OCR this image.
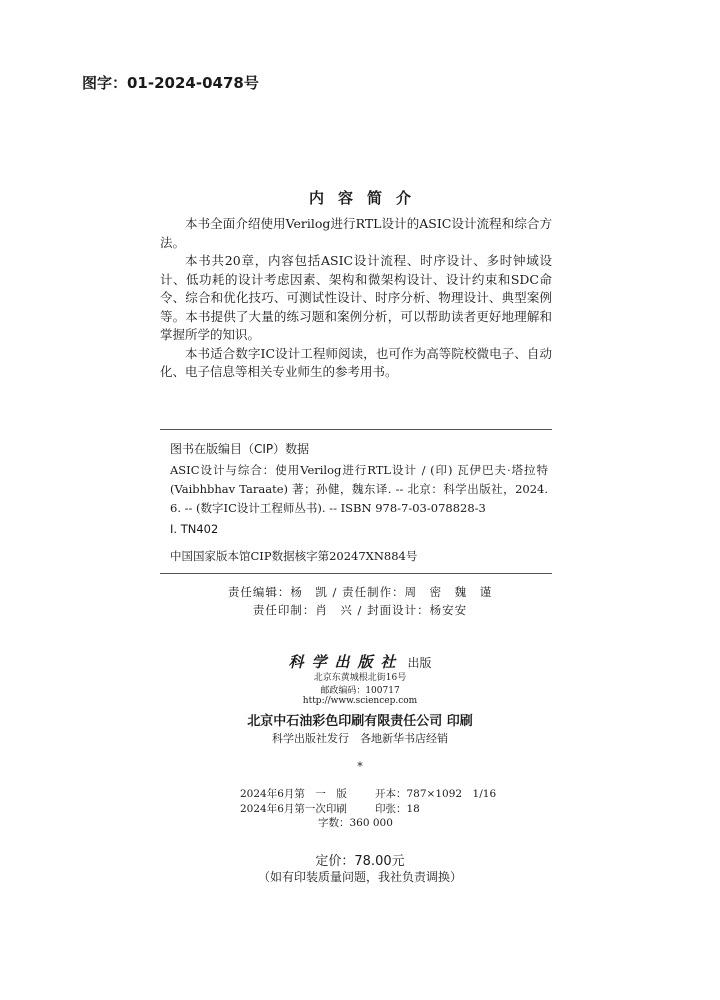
图字：01-2024-0478号
内容简介

本书全面介绍使用Verilog进行RTL设计的ASIC设计流程和综合方法。

本书共20章，内容包括ASIC设计流程、时序设计、多时钟域设计、低功耗的设计考虑因素、架构和微架构设计、设计约束和SDC命令、综合和优化技巧、可测试性设计、时序分析、物理设计、典型案例等。本书提供了大量的练习题和案例分析，可以帮助读者更好地理解和掌握所学的知识。

本书适合数字IC设计工程师阅读，也可作为高等院校微电子、自动化、电子信息等相关专业师生的参考用书。

图书在版编目（CIP）数据
ASIC设计与综合：使用Verilog进行RTL设计 / (印) 瓦伊巴夫·塔拉特 (Vaibhbhav Taraate) 著；孙健，魏东译. -- 北京：科学出版社，2024. 6. -- (数字IC设计工程师丛书). -- ISBN 978-7-03-078828-3
Ⅰ. TN402
中国国家版本馆CIP数据核字第20247XN884号
责任编辑：杨　凯 / 责任制作：周　密　魏　谨
责任印制：肖　兴 / 封面设计：杨安安
科学出版社 出版
北京东黄城根北街16号
邮政编码：100717
http://www.sciencep.com
北京中石油彩色印刷有限责任公司 印刷
科学出版社发行　各地新华书店经销
*
2024年6月第　一　版	开本：787×1092　1/16
2024年6月第一次印刷	印张：18
字数：360 000
定价：78.00元
（如有印装质量问题，我社负责调换）
